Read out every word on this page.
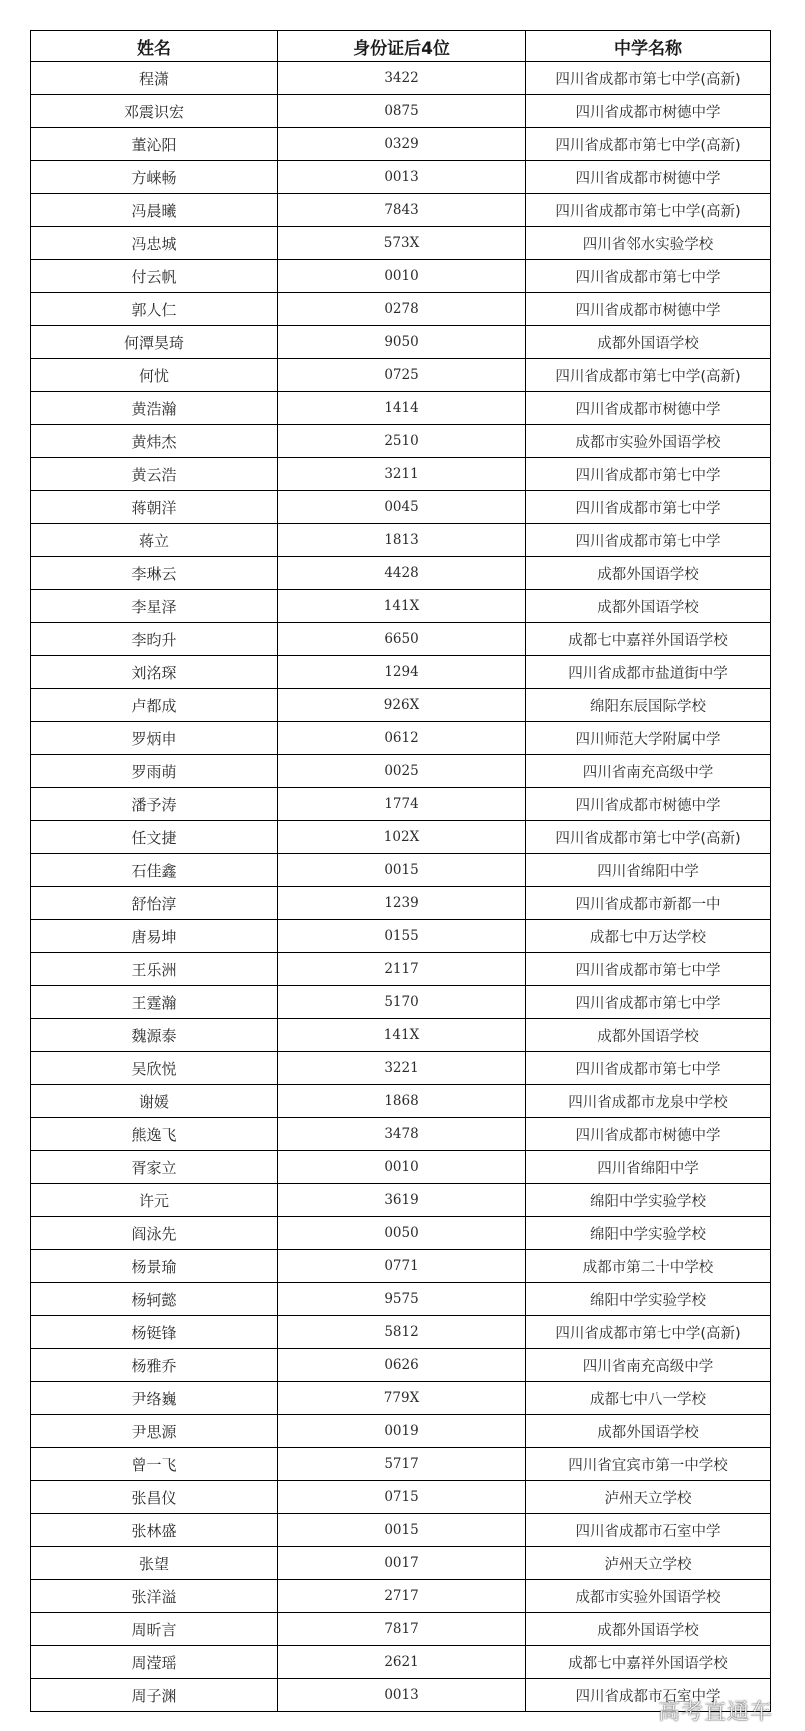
姓名	身份证后4位	中学名称
程潇	3422	四川省成都市第七中学(高新)
邓震识宏	0875	四川省成都市树德中学
董沁阳	0329	四川省成都市第七中学(高新)
方崃畅	0013	四川省成都市树德中学
冯晨曦	7843	四川省成都市第七中学(高新)
冯忠城	573X	四川省邻水实验学校
付云帆	0010	四川省成都市第七中学
郭人仁	0278	四川省成都市树德中学
何潭昊琦	9050	成都外国语学校
何忧	0725	四川省成都市第七中学(高新)
黄浩瀚	1414	四川省成都市树德中学
黄炜杰	2510	成都市实验外国语学校
黄云浩	3211	四川省成都市第七中学
蒋朝洋	0045	四川省成都市第七中学
蒋立	1813	四川省成都市第七中学
李琳云	4428	成都外国语学校
李星泽	141X	成都外国语学校
李昀升	6650	成都七中嘉祥外国语学校
刘洺琛	1294	四川省成都市盐道街中学
卢都成	926X	绵阳东辰国际学校
罗炳申	0612	四川师范大学附属中学
罗雨萌	0025	四川省南充高级中学
潘予涛	1774	四川省成都市树德中学
任文捷	102X	四川省成都市第七中学(高新)
石佳鑫	0015	四川省绵阳中学
舒怡淳	1239	四川省成都市新都一中
唐易坤	0155	成都七中万达学校
王乐洲	2117	四川省成都市第七中学
王霆瀚	5170	四川省成都市第七中学
魏源泰	141X	成都外国语学校
吴欣悦	3221	四川省成都市第七中学
谢媛	1868	四川省成都市龙泉中学校
熊逸飞	3478	四川省成都市树德中学
胥家立	0010	四川省绵阳中学
许元	3619	绵阳中学实验学校
阎泳先	0050	绵阳中学实验学校
杨景瑜	0771	成都市第二十中学校
杨轲懿	9575	绵阳中学实验学校
杨铤锋	5812	四川省成都市第七中学(高新)
杨雅乔	0626	四川省南充高级中学
尹络巍	779X	成都七中八一学校
尹思源	0019	成都外国语学校
曾一飞	5717	四川省宜宾市第一中学校
张昌仪	0715	泸州天立学校
张林盛	0015	四川省成都市石室中学
张望	0017	泸州天立学校
张洋溢	2717	成都市实验外国语学校
周昕言	7817	成都外国语学校
周滢瑶	2621	成都七中嘉祥外国语学校
周子渊	0013	四川省成都市石室中学
高考直通车
